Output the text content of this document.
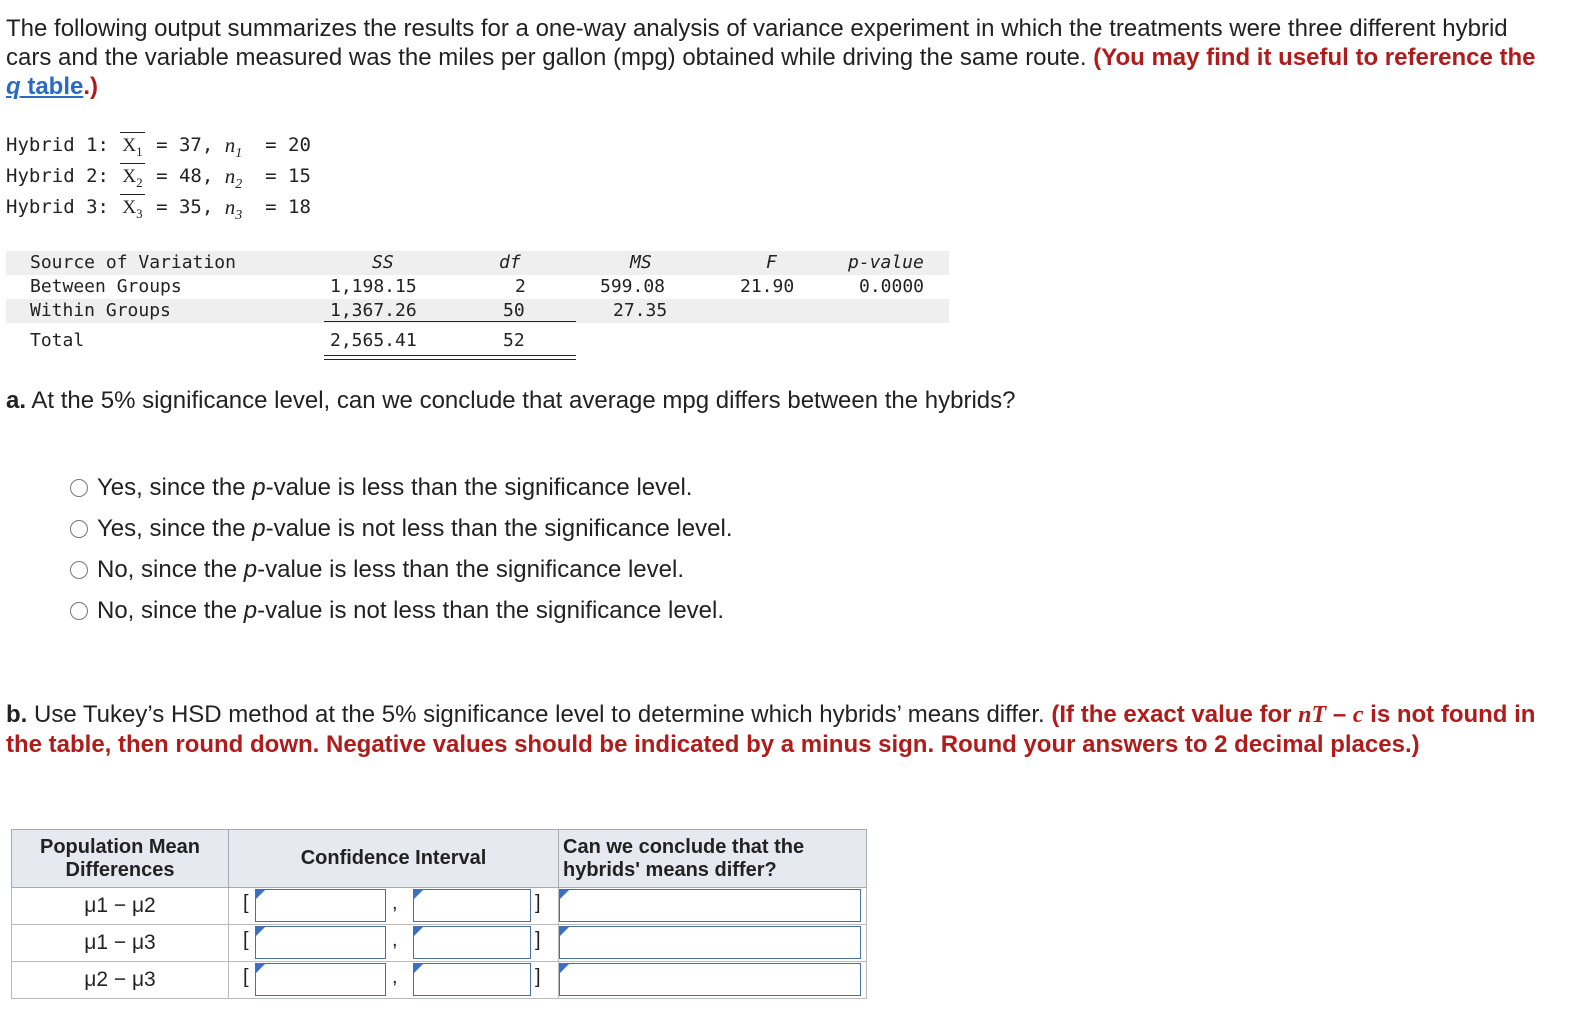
The following output summarizes the results for a one-way analysis of variance experiment in which the treatments were three different hybrid cars and the variable measured was the miles per gallon (mpg) obtained while driving the same route. (You may find it useful to reference the q table.)
Hybrid 1:
$X_1 = 37$,
$n_1 = 20$
Hybrid 2:
$X_2 = 48$,
$n_2 = 15$
Hybrid 3:
$X_3 = 35$,
$n_3 = 18$
Source of Variation	SS	df	MS	F	p-value
Between Groups	1,198.15	2	599.08	21.90	0.0000
Within Groups	1,367.26	50	27.35
Total	2,565.41	52
a. At the 5% significance level, can we conclude that average mpg differs between the hybrids?
Yes, since the
p -value is less than the significance level.
Yes, since the
p -value is not less than the significance level.
No, since the
p -value is less than the significance level.
No, since the
p -value is not less than the significance level.
b. Use Tukey’s HSD method at the 5% significance level to determine which hybrids’ means differ. (If the exact value for nT – c is not found in the table, then round down. Negative values should be indicated by a minus sign. Round your answers to 2 decimal places.)
Population Mean Differences	Confidence Interval	Can we conclude that the hybrids' means differ?
μ1 − μ2	[ , ]	

μ1 − μ3	[ , ]	

μ2 − μ3	[ , ]	
